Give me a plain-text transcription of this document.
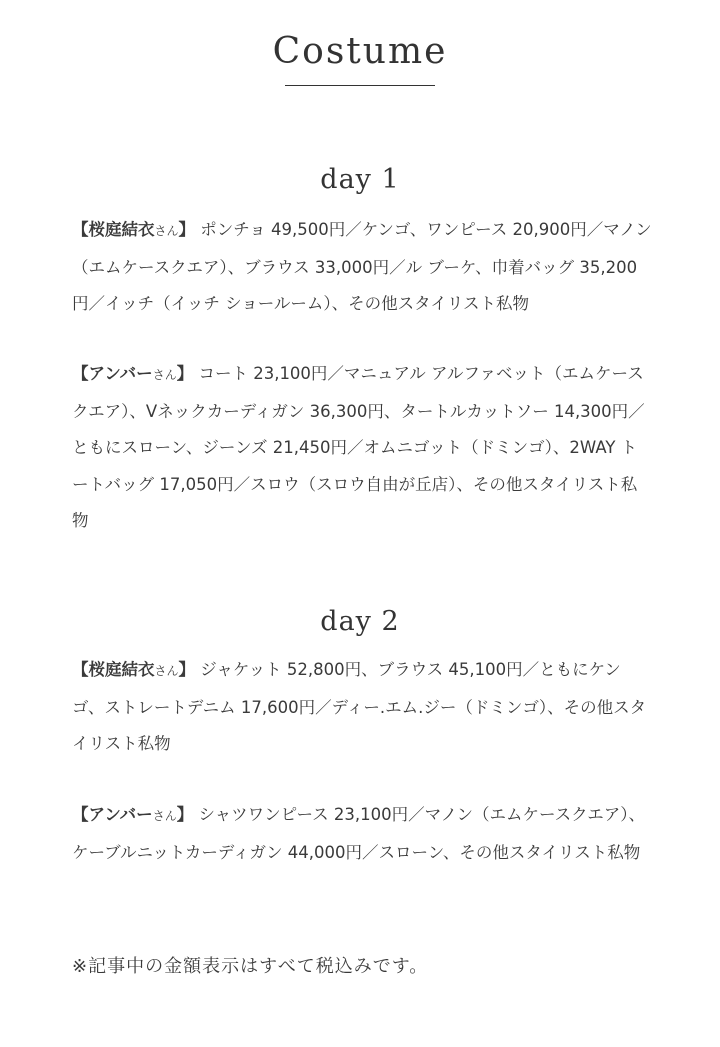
Costume
day 1

【桜庭結衣さん】 ポンチョ 49,500円／ケンゴ、ワンピース 20,900円／マノン（エムケースクエア）、ブラウス 33,000円／ル ブーケ、巾着バッグ 35,200円／イッチ（イッチ ショールーム）、その他スタイリスト私物

【アンバーさん】 コート 23,100円／マニュアル アルファベット（エムケースクエア）、Vネックカーディガン 36,300円、タートルカットソー 14,300円／ともにスローン、ジーンズ 21,450円／オムニゴット（ドミンゴ）、2WAY トートバッグ 17,050円／スロウ（スロウ自由が丘店）、その他スタイリスト私物

day 2

【桜庭結衣さん】 ジャケット 52,800円、ブラウス 45,100円／ともにケンゴ、ストレートデニム 17,600円／ディー.エム.ジー（ドミンゴ）、その他スタイリスト私物

【アンバーさん】 シャツワンピース 23,100円／マノン（エムケースクエア）、ケーブルニットカーディガン 44,000円／スローン、その他スタイリスト私物

※記事中の金額表示はすべて税込みです。
